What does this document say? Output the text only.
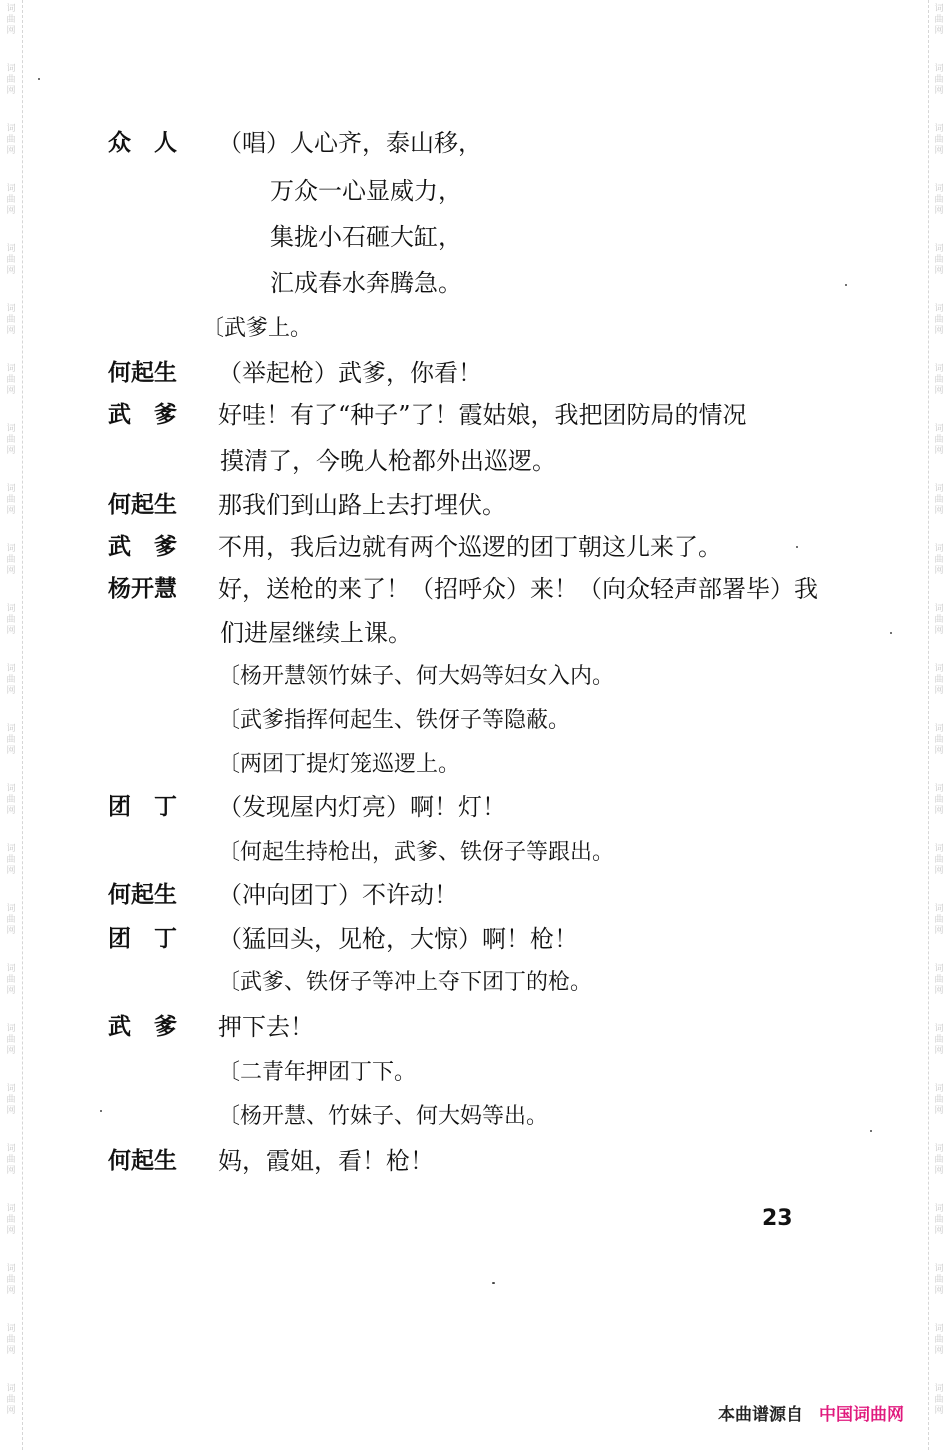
词
曲
网
词
曲
网
词
曲
网
词
曲
网
词
曲
网
词
曲
网
词
曲
网
词
曲
网
词
曲
网
词
曲
网
词
曲
网
词
曲
网
词
曲
网
词
曲
网
词
曲
网
词
曲
网
词
曲
网
词
曲
网
词
曲
网
词
曲
网
词
曲
网
词
曲
网
词
曲
网
词
曲
网
词
曲
网
词
曲
网
词
曲
网
词
曲
网
词
曲
网
词
曲
网
词
曲
网
词
曲
网
词
曲
网
词
曲
网
词
曲
网
词
曲
网
词
曲
网
词
曲
网
词
曲
网
词
曲
网
词
曲
网
词
曲
网
词
曲
网
词
曲
网
词
曲
网
词
曲
网
词
曲
网
词
曲
网
众　人	（唱）人心齐，泰山移，
万众一心显威力，
集拢小石砸大缸，
汇成春水奔腾急。
〔武爹上。
何起生	（举起枪）武爹，你看！
武　爹	好哇！有了“种子”了！霞姑娘，我把团防局的情况
摸清了，今晚人枪都外出巡逻。
何起生	那我们到山路上去打埋伏。
武　爹	不用，我后边就有两个巡逻的团丁朝这儿来了。
杨开慧	好，送枪的来了！（招呼众）来！（向众轻声部署毕）我
们进屋继续上课。
〔杨开慧领竹妹子、何大妈等妇女入内。
〔武爹指挥何起生、铁伢子等隐蔽。
〔两团丁提灯笼巡逻上。
团　丁	（发现屋内灯亮）啊！灯！
〔何起生持枪出，武爹、铁伢子等跟出。
何起生	（冲向团丁）不许动！
团　丁	（猛回头，见枪，大惊）啊！枪！
〔武爹、铁伢子等冲上夺下团丁的枪。
武　爹	押下去！
〔二青年押团丁下。
〔杨开慧、竹妹子、何大妈等出。
何起生	妈，霞姐，看！枪！
23
本曲谱源自 中国词曲网
